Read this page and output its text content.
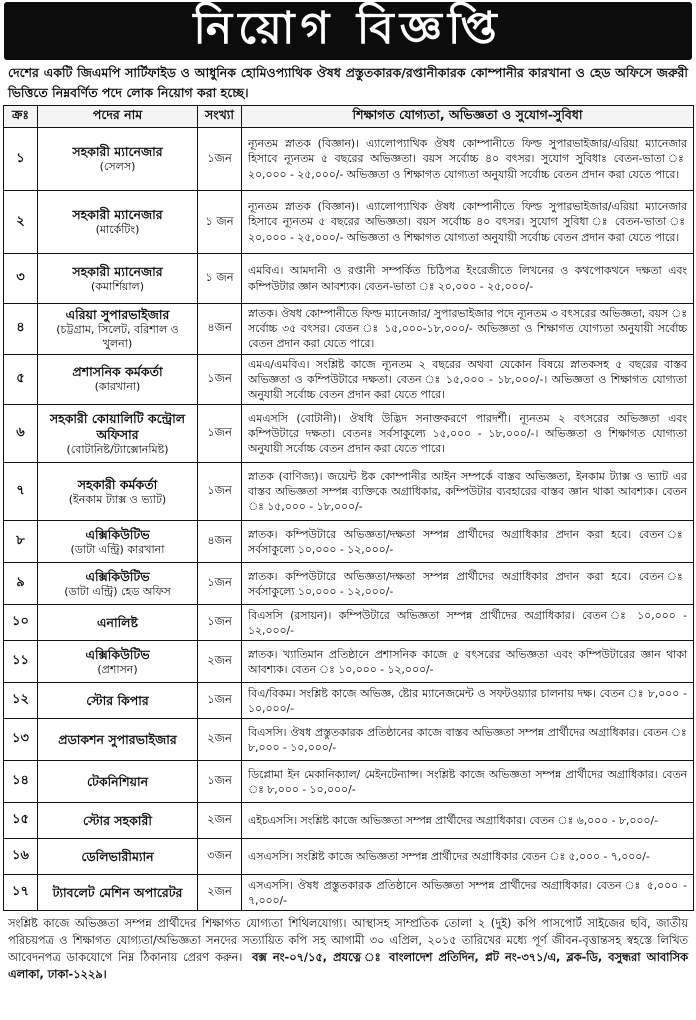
নিয়োগ বিজ্ঞপ্তি

দেশের একটি জিএমপি সার্টিফাইড ও আধুনিক হোমিওপ্যাথিক ঔষধ প্রস্তুতকারক/রপ্তানীকারক কোম্পানীর কারখানা ও হেড অফিসে জরুরী ভিত্তিতে নিম্নবর্ণিত পদে লোক নিয়োগ করা হচ্ছে।

ক্রঃ	পদের নাম	সংখ্যা	শিক্ষাগত যোগ্যতা, অভিজ্ঞতা ও সুযোগ-সুবিধা
১	সহকারী ম্যানেজার
(সেলস)	১জন	ন্যূনতম স্নাতক (বিজ্ঞান)। এ্যালোপ্যাথিক ঔষধ কোম্পানীতে ফিল্ড সুপারভাইজার/এরিয়া ম্যানেজার হিসাবে ন্যূনতম ৫ বছরের অভিজ্ঞতা। বয়স সর্বোচ্চ ৪০ বৎসর। সুযোগ সুবিধাঃ বেতন-ভাতা ঃ ২০,০০০ - ২৫,০০০/- অভিজ্ঞতা ও শিক্ষাগত যোগ্যতা অনুযায়ী সর্বোচ্চ বেতন প্রদান করা যেতে পারে।
২	সহকারী ম্যানেজার
(মার্কেটিং)	১ জন	ন্যূনতম স্নাতক (বিজ্ঞান)। এ্যালোপ্যাথিক ঔষধ কোম্পানীতে ফিল্ড সুপারভাইজার/এরিয়া ম্যানেজার হিসাবে ন্যূনতম ৫ বছরের অভিজ্ঞতা। বয়স সর্বোচ্চ ৪০ বৎসর। সুযোগ সুবিধা ঃ বেতন-ভাতা ঃ ২০,০০০ - ২৫,০০০/- অভিজ্ঞতা ও শিক্ষাগত যোগ্যতা অনুযায়ী সর্বোচ্চ বেতন প্রদান করা যেতে পারে।
৩	সহকারী ম্যানেজার
(কমার্শিয়াল)	১ জন	এমবিএ। আমদানী ও রপ্তানী সম্পর্কিত চিঠিপত্র ইংরেজীতে লিখনের ও কথপোকথনে দক্ষতা এবং কম্পিউটার জ্ঞান আবশ্যক। বেতন-ভাতা ঃ ২০,০০০ - ২৫,০০০/-
৪	এরিয়া সুপারভাইজার
(চট্টগ্রাম, সিলেট, বরিশাল ও খুলনা)	৪জন	স্নাতক। ঔষধ কোম্পানীতে ফিল্ড ম্যানেজার/ সুপারভাইজার পদে ন্যূনতম ৩ বৎসরের অভিজ্ঞতা, বয়স ঃ সর্বোচ্চ ৩৫ বৎসর। বেতন ঃ ১৫,০০০-১৮,০০০/- অভিজ্ঞতা ও শিক্ষাগত যোগ্যতা অনুযায়ী সর্বোচ্চ বেতন প্রদান করা যেতে পারে।
৫	প্রশাসনিক কর্মকর্তা
(কারখানা)	১জন	এমএ/এমবিএ। সংশ্লিষ্ট কাজে ন্যূনতম ২ বছরের অথবা যেকোন বিষয়ে স্নাতকসহ ৫ বছরের বাস্তব অভিজ্ঞতা ও কম্পিউটারে দক্ষতা। বেতন ঃ ১৫,০০০ - ১৮,০০০/-। অভিজ্ঞতা ও শিক্ষাগত যোগ্যতা অনুযায়ী সর্বোচ্চ বেতন প্রদান করা যেতে পারে।
৬	সহকারী কোয়ালিটি কন্ট্রোল অফিসার
(বোটানিষ্ট/ট্যাক্সোনমিষ্ট)	১জন	এমএসসি (বোটানী)। ঔষধি উদ্ভিদ সনাক্তকরণে পারদর্শী। ন্যূনতম ২ বৎসরের অভিজ্ঞতা এবং কম্পিউটারে দক্ষতা। বেতনঃ সর্বসাকুল্যে ১৫,০০০ - ১৮,০০০/-। অভিজ্ঞতা ও শিক্ষাগত যোগ্যতা অনুযায়ী সর্বোচ্চ বেতন প্রদান করা যেতে পারে।
৭	সহকারী কর্মকর্তা
(ইনকাম ট্যাক্স ও ভ্যাট)	১জন	স্নাতক (বাণিজ্য)। জয়েন্ট ষ্টক কোম্পানীর আইন সম্পর্কে বাস্তব অভিজ্ঞতা, ইনকাম ট্যাক্স ও ভ্যাট এর বাস্তব অভিজ্ঞতা সম্পন্ন ব্যক্তিকে অগ্রাধিকার, কম্পিউটার ব্যবহারের বাস্তব জ্ঞান থাকা আবশ্যক। বেতন ঃ ১৫,০০০ - ১৮,০০০/-
৮	এক্সিকিউটিভ
(ডাটা এন্ট্রি) কারখানা	৪জন	স্নাতক। কম্পিউটারে অভিজ্ঞতা/দক্ষতা সম্পন্ন প্রার্থীদের অগ্রাধিকার প্রদান করা হবে। বেতন ঃ সর্বসাকুল্যে ১০,০০০ - ১২,০০০/-
৯	এক্সিকিউটিভ
(ডাটা এন্ট্রি) হেড অফিস	১জন	স্নাতক। কম্পিউটারে অভিজ্ঞতা/দক্ষতা সম্পন্ন প্রার্থীদের অগ্রাধিকার প্রদান করা হবে। বেতন ঃ সর্বসাকুল্যে ১০,০০০ - ১২,০০০/-
১০	এনালিষ্ট	১জন	বিএসসি (রসায়ন)। কম্পিউটারে অভিজ্ঞতা সম্পন্ন প্রার্থীদের অগ্রাধিকার। বেতন ঃ ১০,০০০ - ১২,০০০/-
১১	এক্সিকিউটিভ
(প্রশাসন)	২জন	স্নাতক। খ্যাতিমান প্রতিষ্ঠানে প্রশাসনিক কাজে ৫ বৎসরের অভিজ্ঞতা এবং কম্পিউটারের জ্ঞান থাকা আবশ্যক। বেতন ঃ ১০,০০০ - ১২,০০০/-
১২	স্টোর কিপার	১জন	বিএ/বিকম। সংশ্লিষ্ট কাজে অভিজ্ঞ, ষ্টোর ম্যানেজমেন্ট ও সফটওয়্যার চালনায় দক্ষ। বেতন ঃ ৮,০০০ - ১০,০০০/-
১৩	প্রডাকশন সুপারভাইজার	২জন	বিএসসি। ঔষধ প্রস্তুতকারক প্রতিষ্ঠানের কাজে বাস্তব অভিজ্ঞতা সম্পন্ন প্রার্থীদের অগ্রাধিকার। বেতন ঃ ৮,০০০ - ১০,০০০/-
১৪	টেকনিশিয়ান	১জন	ডিপ্লোমা ইন মেকানিক্যাল/ মেইনটেন্যান্স। সংশ্লিষ্ট কাজে অভিজ্ঞতা সম্পন্ন প্রার্থীদের অগ্রাধিকার। বেতন ঃ ৮,০০০ - ১০,০০০/-
১৫	স্টোর সহকারী	২জন	এইচএসসি। সংশ্লিষ্ট কাজে অভিজ্ঞতা সম্পন্ন প্রার্থীদের অগ্রাধিকার। বেতন ঃ ৬,০০০ - ৮,০০০/-
১৬	ডেলিভারীম্যান	৩জন	এসএসসি। সংশ্লিষ্ট কাজে অভিজ্ঞতা সম্পন্ন প্রার্থীদের অগ্রাধিকার বেতন ঃ ৫,০০০ - ৭,০০০/-
১৭	ট্যাবলেট মেশিন অপারেটর	২জন	এসএসসি। ঔষধ প্রস্তুতকারক প্রতিষ্ঠানে অভিজ্ঞতা সম্পন্ন প্রার্থীদের অগ্রাধিকার। বেতন ঃ ৫,০০০ - ৭,০০০/-
সংশ্লিষ্ট কাজে অভিজ্ঞতা সম্পন্ন প্রার্থীদের শিক্ষাগত যোগ্যতা শিথিলযোগ্য। আস্থাসহ সাম্প্রতিক তোলা ২ (দুই) কপি পাসপোর্ট সাইজের ছবি, জাতীয় পরিচয়পত্র ও শিক্ষাগত যোগ্যতা/অভিজ্ঞতা সনদের সত্যায়িত কপি সহ আগামী ৩০ এপ্রিল, ২০১৫ তারিখের মধ্যে পূর্ণ জীবন-বৃত্তান্তসহ স্বহস্তে লিখিত আবেদনপত্র ডাকযোগে নিম্ন ঠিকানায় প্রেরণ করুন। বক্স নং-০৭/১৫, প্রযত্নে ঃ বাংলাদেশ প্রতিদিন, প্লট নং-৩৭১/এ, ব্লক-ডি, বসুন্ধরা আবাসিক এলাকা, ঢাকা-১২২৯।
